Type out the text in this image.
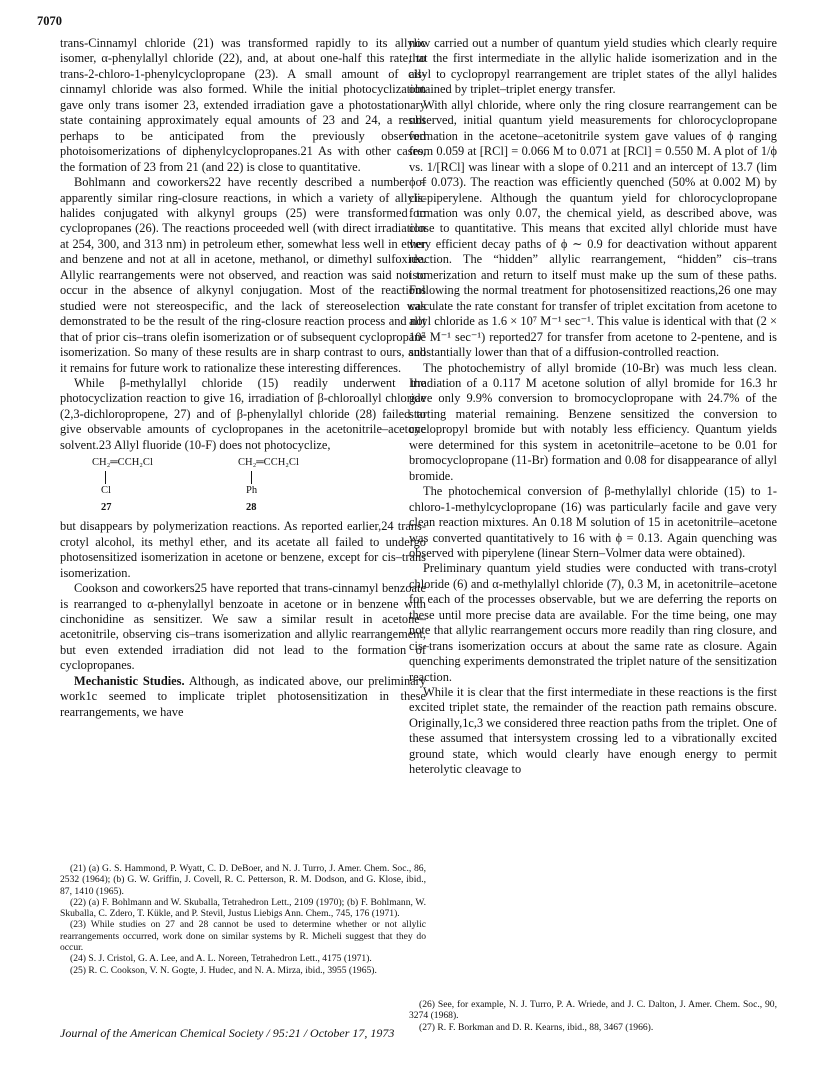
7070

trans-Cinnamyl chloride (21) was transformed rapidly to its allylic isomer, α-phenylallyl chloride (22), and, at about one-half this rate, to trans-2-chloro-1-phenylcyclopropane (23). A small amount of cis-cinnamyl chloride was also formed. While the initial photocyclization gave only trans isomer 23, extended irradiation gave a photostationary state containing approximately equal amounts of 23 and 24, a result perhaps to be anticipated from the previously observed photoisomerizations of diphenylcyclopropanes.21 As with other cases, the formation of 23 from 21 (and 22) is close to quantitative.

Bohlmann and coworkers22 have recently described a number of apparently similar ring-closure reactions, in which a variety of allylic halides conjugated with alkynyl groups (25) were transformed to cyclopropanes (26). The reactions proceeded well (with direct irradiation at 254, 300, and 313 nm) in petroleum ether, somewhat less well in ether and benzene and not at all in acetone, methanol, or dimethyl sulfoxide. Allylic rearrangements were not observed, and reaction was said not to occur in the absence of alkynyl conjugation. Most of the reactions studied were not stereospecific, and the lack of stereoselection was demonstrated to be the result of the ring-closure reaction process and not that of prior cis–trans olefin isomerization or of subsequent cyclopropane isomerization. So many of these results are in sharp contrast to ours, and it remains for future work to rationalize these interesting differences.

While β-methylallyl chloride (15) readily underwent the photocyclization reaction to give 16, irradiation of β-chloroallyl chloride (2,3-dichloropropene, 27) and of β-phenylallyl chloride (28) failed to give observable amounts of cyclopropanes in the acetonitrile–acetone solvent.23 Allyl fluoride (10-F) does not photocyclize,

CH₂═CCH₂Cl
Cl
27
CH₂═CCH₂Cl
Ph
28

but disappears by polymerization reactions. As reported earlier,24 trans-crotyl alcohol, its methyl ether, and its acetate all failed to undergo photosensitized isomerization in acetone or benzene, except for cis–trans isomerization.

Cookson and coworkers25 have reported that trans-cinnamyl benzoate is rearranged to α-phenylallyl benzoate in acetone or in benzene with cinchonidine as sensitizer. We saw a similar result in acetone–acetonitrile, observing cis–trans isomerization and allylic rearrangement, but even extended irradiation did not lead to the formation of cyclopropanes.

Mechanistic Studies. Although, as indicated above, our preliminary work1c seemed to implicate triplet photosensitization in these rearrangements, we have

now carried out a number of quantum yield studies which clearly require that the first intermediate in the allylic halide isomerization and in the allyl to cyclopropyl rearrangement are triplet states of the allyl halides obtained by triplet–triplet energy transfer.

With allyl chloride, where only the ring closure rearrangement can be observed, initial quantum yield measurements for chlorocyclopropane formation in the acetone–acetonitrile system gave values of ϕ ranging from 0.059 at [RCl] = 0.066 M to 0.071 at [RCl] = 0.550 M. A plot of 1/ϕ vs. 1/[RCl] was linear with a slope of 0.211 and an intercept of 13.7 (lim ϕ = 0.073). The reaction was efficiently quenched (50% at 0.002 M) by cis-piperylene. Although the quantum yield for chlorocyclopropane formation was only 0.07, the chemical yield, as described above, was close to quantitative. This means that excited allyl chloride must have very efficient decay paths of ϕ ∼ 0.9 for deactivation without apparent reaction. The “hidden” allylic rearrangement, “hidden” cis–trans isomerization and return to itself must make up the sum of these paths. Following the normal treatment for photosensitized reactions,26 one may calculate the rate constant for transfer of triplet excitation from acetone to allyl chloride as 1.6 × 10⁷ M⁻¹ sec⁻¹. This value is identical with that (2 × 10⁷ M⁻¹ sec⁻¹) reported27 for transfer from acetone to 2-pentene, and is substantially lower than that of a diffusion-controlled reaction.

The photochemistry of allyl bromide (10-Br) was much less clean. Irradiation of a 0.117 M acetone solution of allyl bromide for 16.3 hr gave only 9.9% conversion to bromocyclopropane with 24.7% of the starting material remaining. Benzene sensitized the conversion to cyclopropyl bromide but with notably less efficiency. Quantum yields were determined for this system in acetonitrile–acetone to be 0.01 for bromocyclopropane (11-Br) formation and 0.08 for disappearance of allyl bromide.

The photochemical conversion of β-methylallyl chloride (15) to 1-chloro-1-methylcyclopropane (16) was particularly facile and gave very clean reaction mixtures. An 0.18 M solution of 15 in acetonitrile–acetone was converted quantitatively to 16 with ϕ = 0.13. Again quenching was observed with piperylene (linear Stern–Volmer data were obtained).

Preliminary quantum yield studies were conducted with trans-crotyl chloride (6) and α-methylallyl chloride (7), 0.3 M, in acetonitrile–acetone for each of the processes observable, but we are deferring the reports on these until more precise data are available. For the time being, one may note that allylic rearrangement occurs more readily than ring closure, and cis–trans isomerization occurs at about the same rate as closure. Again quenching experiments demonstrated the triplet nature of the sensitization reaction.

While it is clear that the first intermediate in these reactions is the first excited triplet state, the remainder of the reaction path remains obscure. Originally,1c,3 we considered three reaction paths from the triplet. One of these assumed that intersystem crossing led to a vibrationally excited ground state, which would clearly have enough energy to permit heterolytic cleavage to

(21) (a) G. S. Hammond, P. Wyatt, C. D. DeBoer, and N. J. Turro, J. Amer. Chem. Soc., 86, 2532 (1964); (b) G. W. Griffin, J. Covell, R. C. Petterson, R. M. Dodson, and G. Klose, ibid., 87, 1410 (1965).

(22) (a) F. Bohlmann and W. Skuballa, Tetrahedron Lett., 2109 (1970); (b) F. Bohlmann, W. Skuballa, C. Zdero, T. Kükle, and P. Stevil, Justus Liebigs Ann. Chem., 745, 176 (1971).

(23) While studies on 27 and 28 cannot be used to determine whether or not allylic rearrangements occurred, work done on similar systems by R. Micheli suggest that they do occur.

(24) S. J. Cristol, G. A. Lee, and A. L. Noreen, Tetrahedron Lett., 4175 (1971).

(25) R. C. Cookson, V. N. Gogte, J. Hudec, and N. A. Mirza, ibid., 3955 (1965).

(26) See, for example, N. J. Turro, P. A. Wriede, and J. C. Dalton, J. Amer. Chem. Soc., 90, 3274 (1968).

(27) R. F. Borkman and D. R. Kearns, ibid., 88, 3467 (1966).

Journal of the American Chemical Society / 95:21 / October 17, 1973
